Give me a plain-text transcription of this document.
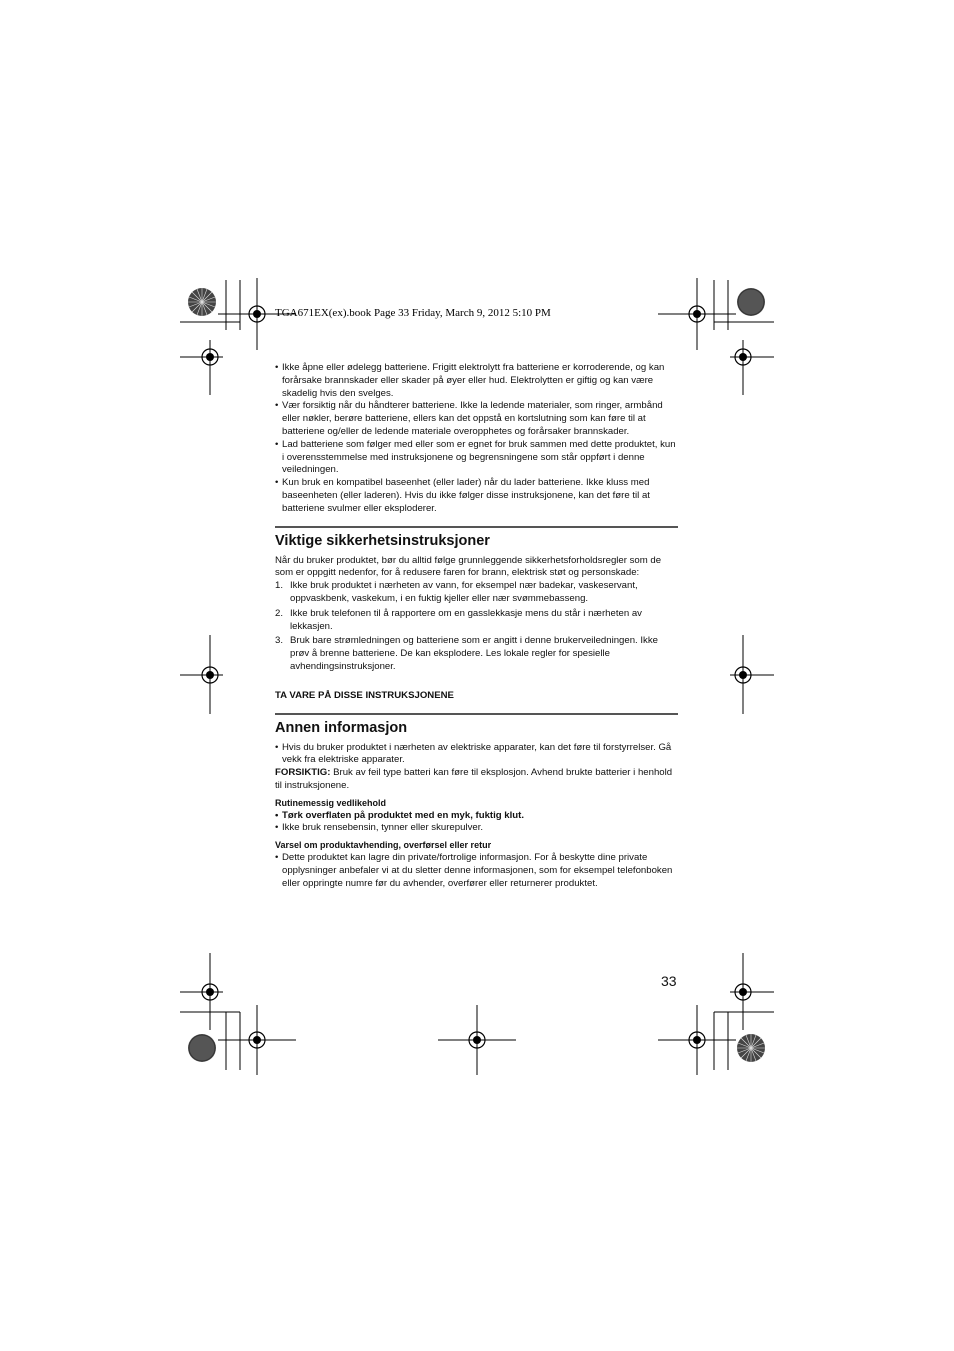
TGA671EX(ex).book Page 33 Friday, March 9, 2012 5:10 PM
• Ikke åpne eller ødelegg batteriene. Frigitt elektrolytt fra batteriene er korroderende, og kan forårsake brannskader eller skader på øyer eller hud. Elektrolytten er giftig og kan være skadelig hvis den svelges.
• Vær forsiktig når du håndterer batteriene. Ikke la ledende materialer, som ringer, armbånd eller nøkler, berøre batteriene, ellers kan det oppstå en kortslutning som kan føre til at batteriene og/eller de ledende materiale overopphetes og forårsaker brannskader.
• Lad batteriene som følger med eller som er egnet for bruk sammen med dette produktet, kun i overensstemmelse med instruksjonene og begrensningene som står oppført i denne veiledningen.
• Kun bruk en kompatibel baseenhet (eller lader) når du lader batteriene. Ikke kluss med baseenheten (eller laderen). Hvis du ikke følger disse instruksjonene, kan det føre til at batteriene svulmer eller eksploderer.
Viktige sikkerhetsinstruksjoner

Når du bruker produktet, bør du alltid følge grunnleggende sikkerhetsforholdsregler som de som er oppgitt nedenfor, for å redusere faren for brann, elektrisk støt og personskade:

1. Ikke bruk produktet i nærheten av vann, for eksempel nær badekar, vaskeservant, oppvaskbenk, vaskekum, i en fuktig kjeller eller nær svømmebasseng.
2. Ikke bruk telefonen til å rapportere om en gasslekkasje mens du står i nærheten av lekkasjen.
3. Bruk bare strømledningen og batteriene som er angitt i denne brukerveiledningen. Ikke prøv å brenne batteriene. De kan eksplodere. Les lokale regler for spesielle avhendingsinstruksjoner.

TA VARE PÅ DISSE INSTRUKSJONENE

Annen informasjon
• Hvis du bruker produktet i nærheten av elektriske apparater, kan det føre til forstyrrelser. Gå vekk fra elektriske apparater.

FORSIKTIG: Bruk av feil type batteri kan føre til eksplosjon. Avhend brukte batterier i henhold til instruksjonene.

Rutinemessig vedlikehold

• Tørk overflaten på produktet med en myk, fuktig klut.
• Ikke bruk rensebensin, tynner eller skurepulver.

Varsel om produktavhending, overførsel eller retur

• Dette produktet kan lagre din private/fortrolige informasjon. For å beskytte dine private opplysninger anbefaler vi at du sletter denne informasjonen, som for eksempel telefonboken eller oppringte numre før du avhender, overfører eller returnerer produktet.
33
